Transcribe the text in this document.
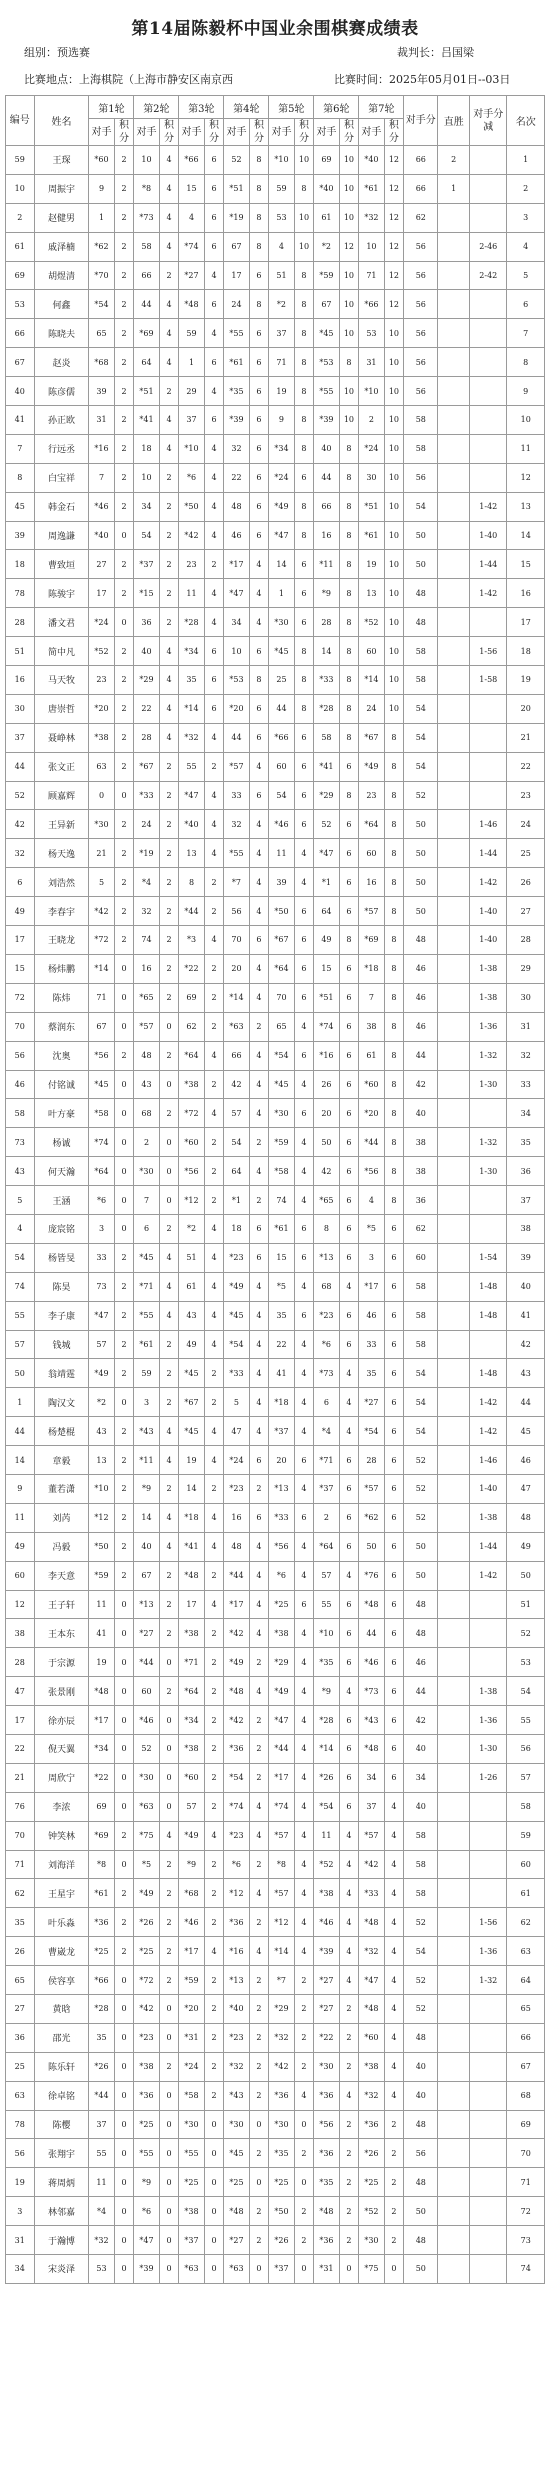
第14届陈毅杯中国业余围棋赛成绩表
组别：预选赛	裁判长：吕国梁
比赛地点：上海棋院（上海市静安区南京西	比赛时间：2025年05月01日--03日
编号	姓名	第1轮		第2轮		第3轮		第4轮		第5轮		第6轮		第7轮		对手分	直胜	对手分减	名次
		对手	积分	对手	积分	对手	积分	对手	积分	对手	积分	对手	积分	对手	积分				
59	王琛	*60	2	10	4	*66	6	52	8	*10	10	69	10	*40	12	66	2		1
10	周振宇	9	2	*8	4	15	6	*51	8	59	8	*40	10	*61	12	66	1		2
2	赵健男	1	2	*73	4	4	6	*19	8	53	10	61	10	*32	12	62			3
61	戚泽楠	*62	2	58	4	*74	6	67	8	4	10	*2	12	10	12	56		2-46	4
69	胡煜清	*70	2	66	2	*27	4	17	6	51	8	*59	10	71	12	56		2-42	5
53	何鑫	*54	2	44	4	*48	6	24	8	*2	8	67	10	*66	12	56			6
66	陈晓夫	65	2	*69	4	59	4	*55	6	37	8	*45	10	53	10	56			7
67	赵炎	*68	2	64	4	1	6	*61	6	71	8	*53	8	31	10	56			8
40	陈彦儒	39	2	*51	2	29	4	*35	6	19	8	*55	10	*10	10	56			9
41	孙正欧	31	2	*41	4	37	6	*39	6	9	8	*39	10	2	10	58			10
7	行远丞	*16	2	18	4	*10	4	32	6	*34	8	40	8	*24	10	58			11
8	白宝祥	7	2	10	2	*6	4	22	6	*24	6	44	8	30	10	56			12
45	韩金石	*46	2	34	2	*50	4	48	6	*49	8	66	8	*51	10	54		1-42	13
39	周逸謙	*40	0	54	2	*42	4	46	6	*47	8	16	8	*61	10	50		1-40	14
18	曹致垣	27	2	*37	2	23	2	*17	4	14	6	*11	8	19	10	50		1-44	15
78	陈骏宇	17	2	*15	2	11	4	*47	4	1	6	*9	8	13	10	48		1-42	16
28	潘文君	*24	0	36	2	*28	4	34	4	*30	6	28	8	*52	10	48			17
51	简中凡	*52	2	40	4	*34	6	10	6	*45	8	14	8	60	10	58		1-56	18
16	马天牧	23	2	*29	4	35	6	*53	8	25	8	*33	8	*14	10	58		1-58	19
30	唐崇哲	*20	2	22	4	*14	6	*20	6	44	8	*28	8	24	10	54			20
37	聂峥林	*38	2	28	4	*32	4	44	6	*66	6	58	8	*67	8	54			21
44	张文正	63	2	*67	2	55	2	*57	4	60	6	*41	6	*49	8	54			22
52	顾嘉辉	0	0	*33	2	*47	4	33	6	54	6	*29	8	23	8	52			23
42	王异新	*30	2	24	2	*40	4	32	4	*46	6	52	6	*64	8	50		1-46	24
32	杨天逸	21	2	*19	2	13	4	*55	4	11	4	*47	6	60	8	50		1-44	25
6	刘浩然	5	2	*4	2	8	2	*7	4	39	4	*1	6	16	8	50		1-42	26
49	李春宇	*42	2	32	2	*44	2	56	4	*50	6	64	6	*57	8	50		1-40	27
17	王晓龙	*72	2	74	2	*3	4	70	6	*67	6	49	8	*69	8	48		1-40	28
15	杨炜鹏	*14	0	16	2	*22	2	20	4	*64	6	15	6	*18	8	46		1-38	29
72	陈炜	71	0	*65	2	69	2	*14	4	70	6	*51	6	7	8	46		1-38	30
70	蔡润东	67	0	*57	0	62	2	*63	2	65	4	*74	6	38	8	46		1-36	31
56	沈奥	*56	2	48	2	*64	4	66	4	*54	6	*16	6	61	8	44		1-32	32
46	付铭诚	*45	0	43	0	*38	2	42	4	*45	4	26	6	*60	8	42		1-30	33
58	叶方豪	*58	0	68	2	*72	4	57	4	*30	6	20	6	*20	8	40			34
73	杨诚	*74	0	2	0	*60	2	54	2	*59	4	50	6	*44	8	38		1-32	35
43	何天瀚	*64	0	*30	0	*56	2	64	4	*58	4	42	6	*56	8	38		1-30	36
5	王涵	*6	0	7	0	*12	2	*1	2	74	4	*65	6	4	8	36			37
4	庞宸铭	3	0	6	2	*2	4	18	6	*61	6	8	6	*5	6	62			38
54	杨皆旻	33	2	*45	4	51	4	*23	6	15	6	*13	6	3	6	60		1-54	39
74	陈昊	73	2	*71	4	61	4	*49	4	*5	4	68	4	*17	6	58		1-48	40
55	李子康	*47	2	*55	4	43	4	*45	4	35	6	*23	6	46	6	58		1-48	41
57	钱城	57	2	*61	2	49	4	*54	4	22	4	*6	6	33	6	58			42
50	翁靖霆	*49	2	59	2	*45	2	*33	4	41	4	*73	4	35	6	54		1-48	43
1	陶汉文	*2	0	3	2	*67	2	5	4	*18	4	6	4	*27	6	54		1-42	44
44	杨楚棍	43	2	*43	4	*45	4	47	4	*37	4	*4	4	*54	6	54		1-42	45
14	章毅	13	2	*11	4	19	4	*24	6	20	6	*71	6	28	6	52		1-46	46
9	董若潇	*10	2	*9	2	14	2	*23	2	*13	4	*37	6	*57	6	52		1-40	47
11	刘芮	*12	2	14	4	*18	4	16	6	*33	6	2	6	*62	6	52		1-38	48
49	冯毅	*50	2	40	4	*41	4	48	4	*56	4	*64	6	50	6	50		1-44	49
60	李天意	*59	2	67	2	*48	2	*44	4	*6	4	57	4	*76	6	50		1-42	50
12	王子轩	11	0	*13	2	17	4	*17	4	*25	6	55	6	*48	6	48			51
38	王本东	41	0	*27	2	*38	2	*42	4	*38	4	*10	6	44	6	48			52
28	于宗源	19	0	*44	0	*71	2	*49	2	*29	4	*35	6	*46	6	46			53
47	张景刚	*48	0	60	2	*64	2	*48	4	*49	4	*9	4	*73	6	44		1-38	54
17	徐亦辰	*17	0	*46	0	*34	2	*42	2	*47	4	*28	6	*43	6	42		1-36	55
22	倪天翼	*34	0	52	0	*38	2	*36	2	*44	4	*14	6	*48	6	40		1-30	56
21	周欣宁	*22	0	*30	0	*60	2	*54	2	*17	4	*26	6	34	6	34		1-26	57
76	李浓	69	0	*63	0	57	2	*74	4	*74	4	*54	6	37	4	40			58
70	钟笑林	*69	2	*75	4	*49	4	*23	4	*57	4	11	4	*57	4	58			59
71	刘海洋	*8	0	*5	2	*9	2	*6	2	*8	4	*52	4	*42	4	58			60
62	王星宇	*61	2	*49	2	*68	2	*12	4	*57	4	*38	4	*33	4	58			61
35	叶乐淼	*36	2	*26	2	*46	2	*36	2	*12	4	*46	4	*48	4	52		1-56	62
26	曹崴龙	*25	2	*25	2	*17	4	*16	4	*14	4	*39	4	*32	4	54		1-36	63
65	侯容享	*66	0	*72	2	*59	2	*13	2	*7	2	*27	4	*47	4	52		1-32	64
27	黄晗	*28	0	*42	0	*20	2	*40	2	*29	2	*27	2	*48	4	52			65
36	邵光	35	0	*23	0	*31	2	*23	2	*32	2	*22	2	*60	4	48			66
25	陈乐轩	*26	0	*38	2	*24	2	*32	2	*42	2	*30	2	*38	4	40			67
63	徐卓铭	*44	0	*36	0	*58	2	*43	2	*36	4	*36	4	*32	4	40			68
78	陈樱	37	0	*25	0	*30	0	*30	0	*30	0	*56	2	*36	2	48			69
56	张翔宇	55	0	*55	0	*55	0	*45	2	*35	2	*36	2	*26	2	56			70
19	蒋周炳	11	0	*9	0	*25	0	*25	0	*25	0	*35	2	*25	2	48			71
3	林邻嘉	*4	0	*6	0	*38	0	*48	2	*50	2	*48	2	*52	2	50			72
31	于瀚博	*32	0	*47	0	*37	0	*27	2	*26	2	*36	2	*30	2	48			73
34	宋炎泽	53	0	*39	0	*63	0	*63	0	*37	0	*31	0	*75	0	50			74
